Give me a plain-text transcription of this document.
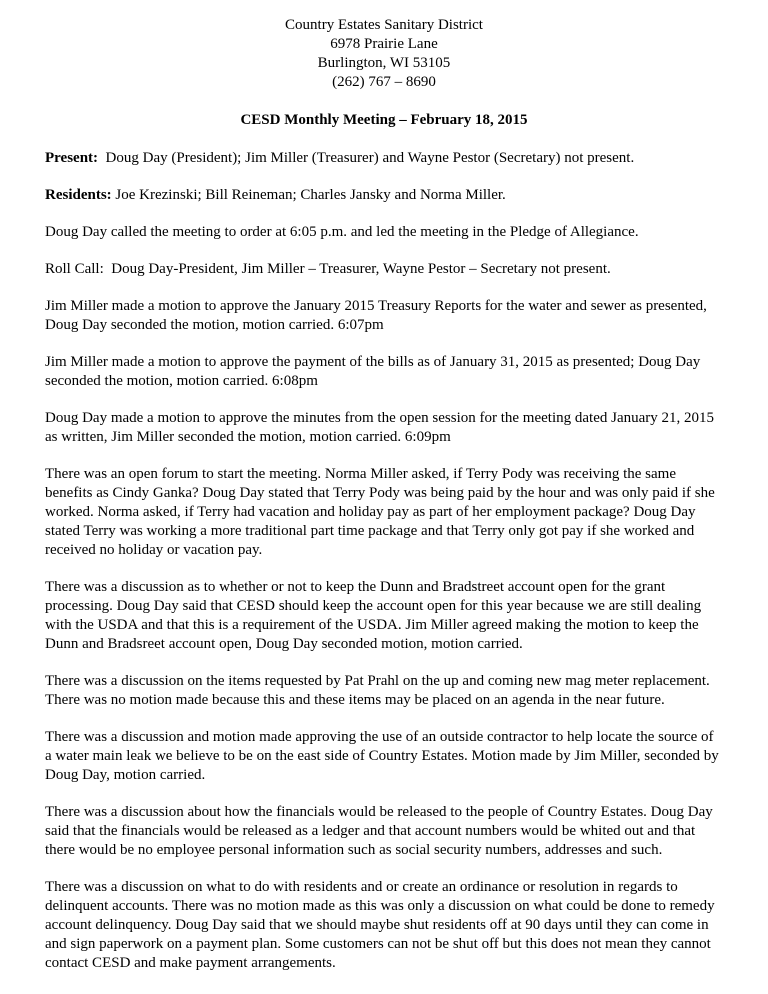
Country Estates Sanitary District
6978 Prairie Lane
Burlington, WI 53105
(262) 767 – 8690
CESD Monthly Meeting – February 18, 2015

Present:  Doug Day (President); Jim Miller (Treasurer) and Wayne Pestor (Secretary) not present.

Residents: Joe Krezinski; Bill Reineman; Charles Jansky and Norma Miller.

Doug Day called the meeting to order at 6:05 p.m. and led the meeting in the Pledge of Allegiance.

Roll Call:  Doug Day-President, Jim Miller – Treasurer, Wayne Pestor – Secretary not present.

Jim Miller made a motion to approve the January 2015 Treasury Reports for the water and sewer as presented, Doug Day seconded the motion, motion carried. 6:07pm

Jim Miller made a motion to approve the payment of the bills as of January 31, 2015 as presented; Doug Day seconded the motion, motion carried. 6:08pm

Doug Day made a motion to approve the minutes from the open session for the meeting dated January 21, 2015 as written, Jim Miller seconded the motion, motion carried. 6:09pm

There was an open forum to start the meeting. Norma Miller asked, if Terry Pody was receiving the same benefits as Cindy Ganka? Doug Day stated that Terry Pody was being paid by the hour and was only paid if she worked. Norma asked, if Terry had vacation and holiday pay as part of her employment package? Doug Day stated Terry was working a more traditional part time package and that Terry only got pay if she worked and received no holiday or vacation pay.

There was a discussion as to whether or not to keep the Dunn and Bradstreet account open for the grant processing. Doug Day said that CESD should keep the account open for this year because we are still dealing with the USDA and that this is a requirement of the USDA. Jim Miller agreed making the motion to keep the Dunn and Bradsreet account open, Doug Day seconded motion, motion carried.

There was a discussion on the items requested by Pat Prahl on the up and coming new mag meter replacement. There was no motion made because this and these items may be placed on an agenda in the near future.

There was a discussion and motion made approving the use of an outside contractor to help locate the source of a water main leak we believe to be on the east side of Country Estates. Motion made by Jim Miller, seconded by Doug Day, motion carried.

There was a discussion about how the financials would be released to the people of Country Estates. Doug Day said that the financials would be released as a ledger and that account numbers would be whited out and that there would be no employee personal information such as social security numbers, addresses and such.

There was a discussion on what to do with residents and or create an ordinance or resolution in regards to delinquent accounts. There was no motion made as this was only a discussion on what could be done to remedy account delinquency. Doug Day said that we should maybe shut residents off at 90 days until they can come in and sign paperwork on a payment plan. Some customers can not be shut off but this does not mean they cannot contact CESD and make payment arrangements.
